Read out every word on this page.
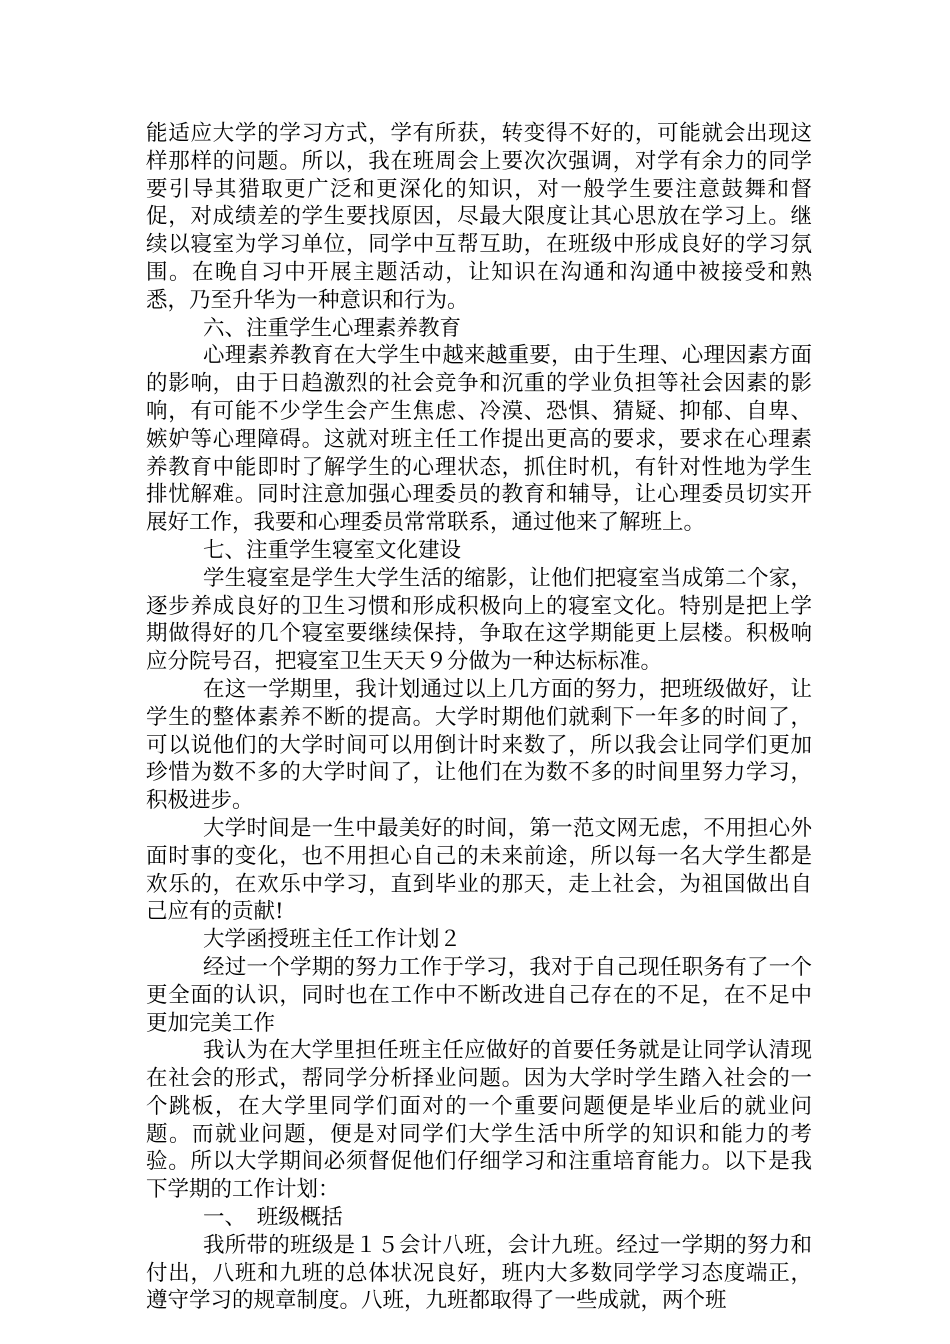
能适应大学的学习方式，学有所获，转变得不好的，可能就会出现这样那样的问题。所以，我在班周会上要次次强调，对学有余力的同学要引导其猎取更广泛和更深化的知识，对一般学生要注意鼓舞和督促，对成绩差的学生要找原因，尽最大限度让其心思放在学习上。继续以寝室为学习单位，同学中互帮互助，在班级中形成良好的学习氛围。在晚自习中开展主题活动，让知识在沟通和沟通中被接受和熟悉，乃至升华为一种意识和行为。

六、注重学生心理素养教育

心理素养教育在大学生中越来越重要，由于生理、心理因素方面的影响，由于日趋激烈的社会竞争和沉重的学业负担等社会因素的影响，有可能不少学生会产生焦虑、冷漠、恐惧、猜疑、抑郁、自卑、嫉妒等心理障碍。这就对班主任工作提出更高的要求，要求在心理素养教育中能即时了解学生的心理状态，抓住时机，有针对性地为学生排忧解难。同时注意加强心理委员的教育和辅导，让心理委员切实开展好工作，我要和心理委员常常联系，通过他来了解班上。

七、注重学生寝室文化建设

学生寝室是学生大学生活的缩影，让他们把寝室当成第二个家，逐步养成良好的卫生习惯和形成积极向上的寝室文化。特别是把上学期做得好的几个寝室要继续保持，争取在这学期能更上层楼。积极响应分院号召，把寝室卫生天天９分做为一种达标标准。

在这一学期里，我计划通过以上几方面的努力，把班级做好，让学生的整体素养不断的提高。大学时期他们就剩下一年多的时间了，可以说他们的大学时间可以用倒计时来数了，所以我会让同学们更加珍惜为数不多的大学时间了，让他们在为数不多的时间里努力学习，积极进步。

大学时间是一生中最美好的时间，第一范文网无虑，不用担心外面时事的变化，也不用担心自己的未来前途，所以每一名大学生都是欢乐的，在欢乐中学习，直到毕业的那天，走上社会，为祖国做出自己应有的贡献!

大学函授班主任工作计划２

经过一个学期的努力工作于学习，我对于自己现任职务有了一个更全面的认识，同时也在工作中不断改进自己存在的不足，在不足中更加完美工作

我认为在大学里担任班主任应做好的首要任务就是让同学认清现在社会的形式，帮同学分析择业问题。因为大学时学生踏入社会的一个跳板，在大学里同学们面对的一个重要问题便是毕业后的就业问题。而就业问题，便是对同学们大学生活中所学的知识和能力的考验。所以大学期间必须督促他们仔细学习和注重培育能力。以下是我下学期的工作计划：

一、　班级概括

我所带的班级是１５会计八班，会计九班。经过一学期的努力和付出，八班和九班的总体状况良好，班内大多数同学学习态度端正，遵守学习的规章制度。八班，九班都取得了一些成就，两个班
